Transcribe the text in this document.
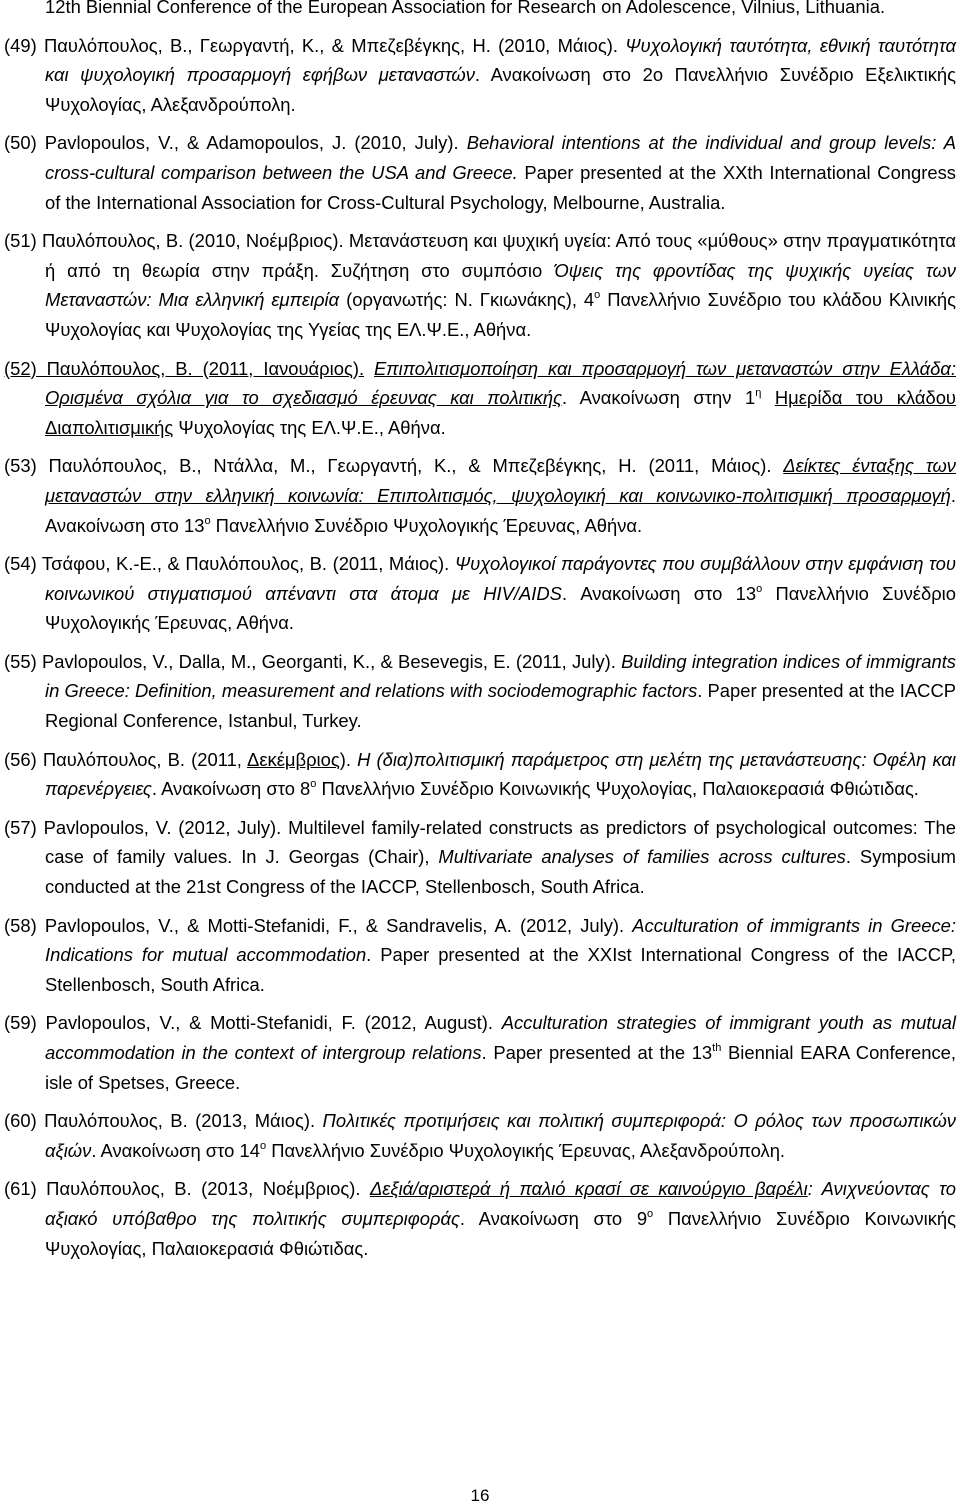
12th Biennial Conference of the European Association for Research on Adolescence, Vilnius, Lithuania.

(49) Παυλόπουλος, Β., Γεωργαντή, Κ., & Μπεζεβέγκης, Η. (2010, Μάιος). Ψυχολογική ταυτότητα, εθνική ταυτότητα και ψυχολογική προσαρμογή εφήβων μεταναστών. Ανακοίνωση στο 2ο Πανελλήνιο Συνέδριο Εξελικτικής Ψυχολογίας, Αλεξανδρούπολη.

(50) Pavlopoulos, V., & Adamopoulos, J. (2010, July). Behavioral intentions at the individual and group levels: A cross-cultural comparison between the USA and Greece. Paper presented at the XXth International Congress of the International Association for Cross-Cultural Psychology, Melbourne, Australia.

(51) Παυλόπουλος, Β. (2010, Νοέμβριος). Μετανάστευση και ψυχική υγεία: Από τους «μύθους» στην πραγματικότητα ή από τη θεωρία στην πράξη. Συζήτηση στο συμπόσιο Όψεις της φροντίδας της ψυχικής υγείας των Μεταναστών: Μια ελληνική εμπειρία (οργανωτής: Ν. Γκιωνάκης), $4^o$ Πανελλήνιο Συνέδριο του κλάδου Κλινικής Ψυχολογίας και Ψυχολογίας της Υγείας της ΕΛ.Ψ.Ε., Αθήνα.

(52) Παυλόπουλος, Β. (2011, Ιανουάριος). Επιπολιτισμοποίηση και προσαρμογή των μεταναστών στην Ελλάδα: Ορισμένα σχόλια για το σχεδιασμό έρευνας και πολιτικής. Ανακοίνωση στην $1^\eta$ Ημερίδα του κλάδου Διαπολιτισμικής Ψυχολογίας της ΕΛ.Ψ.Ε., Αθήνα.

(53) Παυλόπουλος, Β., Ντάλλα, Μ., Γεωργαντή, Κ., & Μπεζεβέγκης, Η. (2011, Μάιος). Δείκτες ένταξης των μεταναστών στην ελληνική κοινωνία: Επιπολιτισμός, ψυχολογική και κοινωνικο-πολιτισμική προσαρμογή. Ανακοίνωση στο $13^o$ Πανελλήνιο Συνέδριο Ψυχολογικής Έρευνας, Αθήνα.

(54) Τσάφου, Κ.-Ε., & Παυλόπουλος, Β. (2011, Μάιος). Ψυχολογικοί παράγοντες που συμβάλλουν στην εμφάνιση του κοινωνικού στιγματισμού απέναντι στα άτομα με HIV/AIDS. Ανακοίνωση στο $13^o$ Πανελλήνιο Συνέδριο Ψυχολογικής Έρευνας, Αθήνα.

(55) Pavlopoulos, V., Dalla, M., Georganti, K., & Besevegis, E. (2011, July). Building integration indices of immigrants in Greece: Definition, measurement and relations with sociodemographic factors. Paper presented at the IACCP Regional Conference, Istanbul, Turkey.

(56) Παυλόπουλος, Β. (2011, Δεκέμβριος). Η (δια)πολιτισμική παράμετρος στη μελέτη της μετανάστευσης: Οφέλη και παρενέργειες. Ανακοίνωση στο $8^o$ Πανελλήνιο Συνέδριο Κοινωνικής Ψυχολογίας, Παλαιοκερασιά Φθιώτιδας.

(57) Pavlopoulos, V. (2012, July). Multilevel family-related constructs as predictors of psychological outcomes: The case of family values. In J. Georgas (Chair), Multivariate analyses of families across cultures. Symposium conducted at the 21st Congress of the IACCP, Stellenbosch, South Africa.

(58) Pavlopoulos, V., & Motti-Stefanidi, F., & Sandravelis, A. (2012, July). Acculturation of immigrants in Greece: Indications for mutual accommodation. Paper presented at the XXIst International Congress of the IACCP, Stellenbosch, South Africa.

(59) Pavlopoulos, V., & Motti-Stefanidi, F. (2012, August). Acculturation strategies of immigrant youth as mutual accommodation in the context of intergroup relations. Paper presented at the 13th Biennial EARA Conference, isle of Spetses, Greece.

(60) Παυλόπουλος, Β. (2013, Μάιος). Πολιτικές προτιμήσεις και πολιτική συμπεριφορά: Ο ρόλος των προσωπικών αξιών. Ανακοίνωση στο $14^o$ Πανελλήνιο Συνέδριο Ψυχολογικής Έρευνας, Αλεξανδρούπολη.

(61) Παυλόπουλος, Β. (2013, Νοέμβριος). Δεξιά/αριστερά ή παλιό κρασί σε καινούργιο βαρέλι: Ανιχνεύοντας το αξιακό υπόβαθρο της πολιτικής συμπεριφοράς. Ανακοίνωση στο $9^o$ Πανελλήνιο Συνέδριο Κοινωνικής Ψυχολογίας, Παλαιοκερασιά Φθιώτιδας.

16
